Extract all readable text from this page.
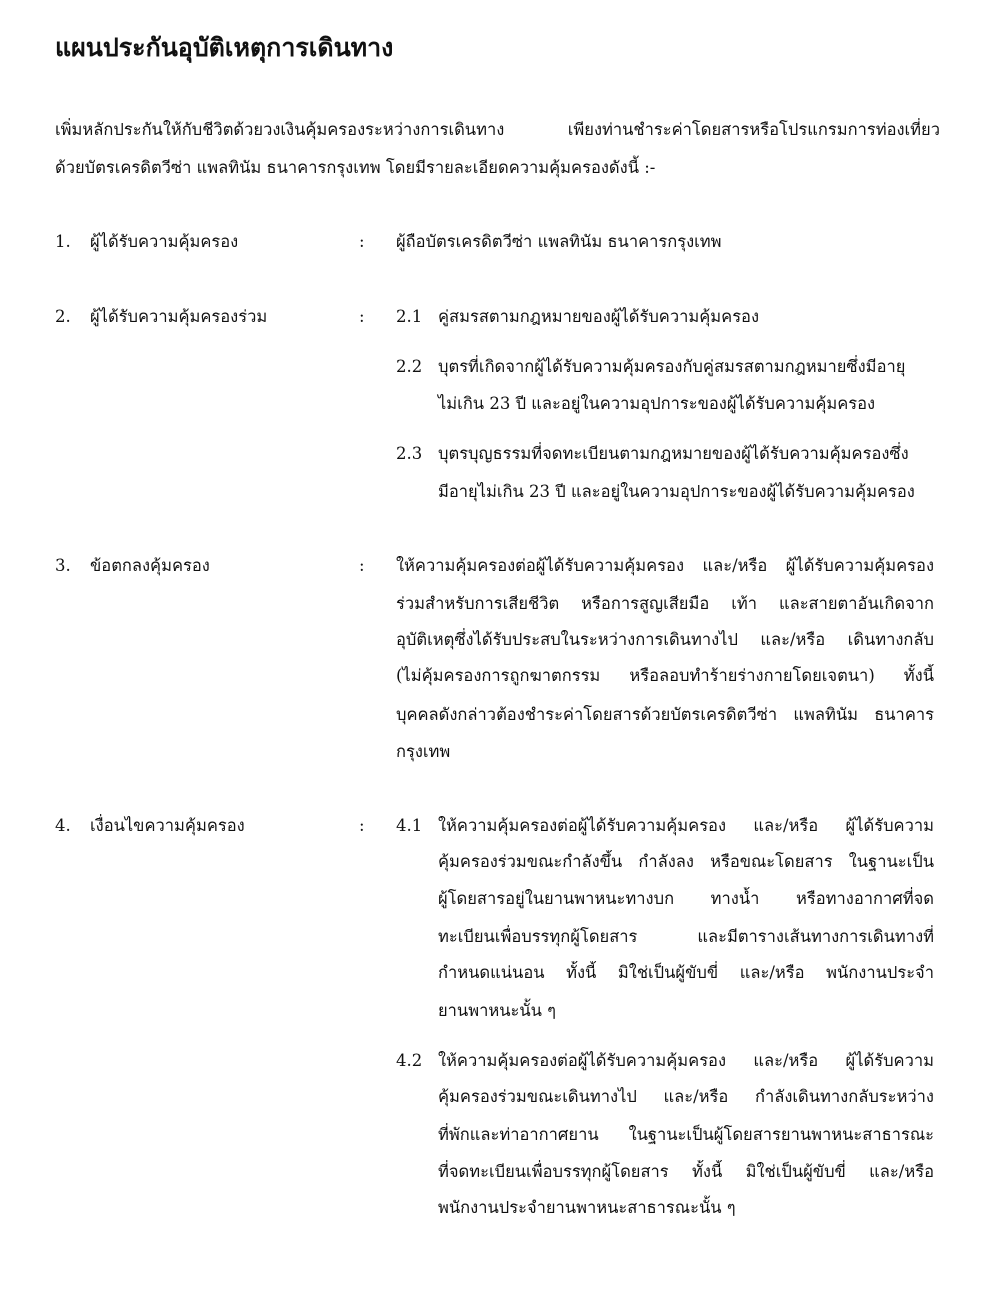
แผนประกันอุบัติเหตุการเดินทาง
เพิ่มหลักประกันให้กับชีวิตด้วยวงเงินคุ้มครองระหว่างการเดินทาง เพียงท่านชำระค่าโดยสารหรือโปรแกรมการท่องเที่ยว
ด้วยบัตรเครดิตวีซ่า แพลทินัม ธนาคารกรุงเทพ โดยมีรายละเอียดความคุ้มครองดังนี้ :-
1. ผู้ได้รับความคุ้มครอง	: ผู้ถือบัตรเครดิตวีซ่า แพลทินัม ธนาคารกรุงเทพ
2. ผู้ได้รับความคุ้มครองร่วม	: 2.1 คู่สมรสตามกฎหมายของผู้ได้รับความคุ้มครอง
2.2 บุตรที่เกิดจากผู้ได้รับความคุ้มครองกับคู่สมรสตามกฎหมายซึ่งมีอายุ
ไม่เกิน 23 ปี และอยู่ในความอุปการะของผู้ได้รับความคุ้มครอง
2.3 บุตรบุญธรรมที่จดทะเบียนตามกฎหมายของผู้ได้รับความคุ้มครองซึ่ง
มีอายุไม่เกิน 23 ปี และอยู่ในความอุปการะของผู้ได้รับความคุ้มครอง
3. ข้อตกลงคุ้มครอง	: ให้ความคุ้มครองต่อผู้ได้รับความคุ้มครอง และ/หรือ ผู้ได้รับความคุ้มครอง
ร่วมสำหรับการเสียชีวิต หรือการสูญเสียมือ เท้า และสายตาอันเกิดจาก
อุบัติเหตุซึ่งได้รับประสบในระหว่างการเดินทางไป และ/หรือ เดินทางกลับ
(ไม่คุ้มครองการถูกฆาตกรรม หรือลอบทำร้ายร่างกายโดยเจตนา) ทั้งนี้
บุคคลดังกล่าวต้องชำระค่าโดยสารด้วยบัตรเครดิตวีซ่า แพลทินัม ธนาคาร
กรุงเทพ
4. เงื่อนไขความคุ้มครอง	: 4.1 ให้ความคุ้มครองต่อผู้ได้รับความคุ้มครอง และ/หรือ ผู้ได้รับความ
คุ้มครองร่วมขณะกำลังขึ้น กำลังลง หรือขณะโดยสาร ในฐานะเป็น
ผู้โดยสารอยู่ในยานพาหนะทางบก ทางน้ำ หรือทางอากาศที่จด
ทะเบียนเพื่อบรรทุกผู้โดยสาร และมีตารางเส้นทางการเดินทางที่
กำหนดแน่นอน ทั้งนี้ มิใช่เป็นผู้ขับขี่ และ/หรือ พนักงานประจำ
ยานพาหนะนั้น ๆ
4.2 ให้ความคุ้มครองต่อผู้ได้รับความคุ้มครอง และ/หรือ ผู้ได้รับความ
คุ้มครองร่วมขณะเดินทางไป และ/หรือ กำลังเดินทางกลับระหว่าง
ที่พักและท่าอากาศยาน ในฐานะเป็นผู้โดยสารยานพาหนะสาธารณะ
ที่จดทะเบียนเพื่อบรรทุกผู้โดยสาร ทั้งนี้ มิใช่เป็นผู้ขับขี่ และ/หรือ
พนักงานประจำยานพาหนะสาธารณะนั้น ๆ
